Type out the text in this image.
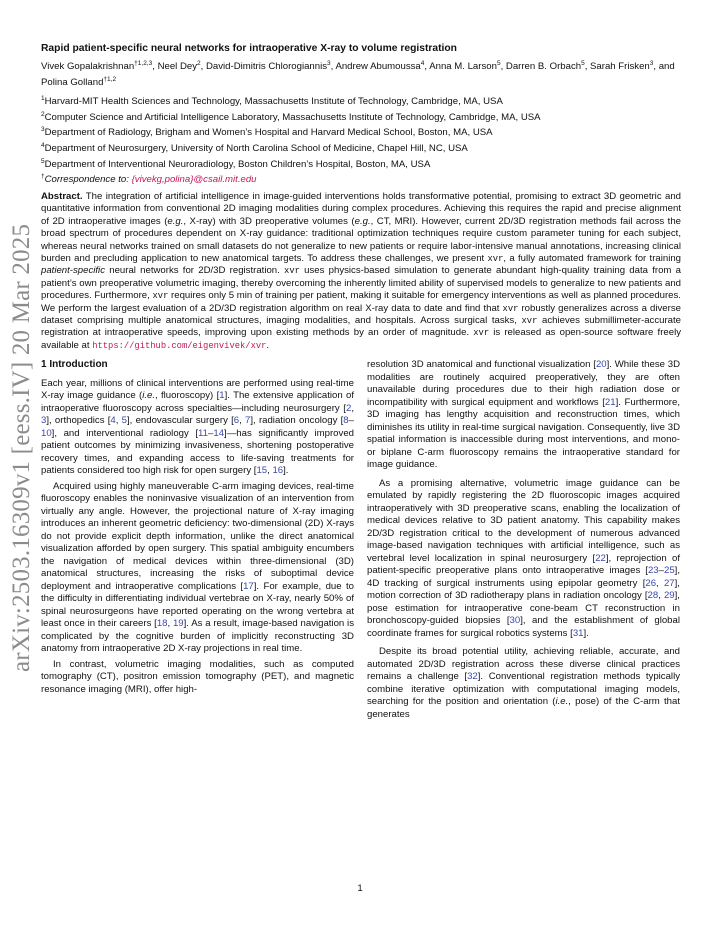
arXiv:2503.16309v1 [eess.IV] 20 Mar 2025
Rapid patient-specific neural networks for intraoperative X-ray to volume registration
Vivek Gopalakrishnan$^{\dagger 1,2,3}$, Neel Dey$^2$, David-Dimitris Chlorogiannis$^3$, Andrew Abumoussa$^4$, Anna M. Larson$^5$, Darren B. Orbach$^5$, Sarah Frisken$^3$, and Polina Golland$^{\dagger 1,2}$
$^1$Harvard-MIT Health Sciences and Technology, Massachusetts Institute of Technology, Cambridge, MA, USA
$^2$Computer Science and Artificial Intelligence Laboratory, Massachusetts Institute of Technology, Cambridge, MA, USA
$^3$Department of Radiology, Brigham and Women’s Hospital and Harvard Medical School, Boston, MA, USA
$^4$Department of Neurosurgery, University of North Carolina School of Medicine, Chapel Hill, NC, USA
$^5$Department of Interventional Neuroradiology, Boston Children’s Hospital, Boston, MA, USA
†Correspondence to: {vivekg,polina}@csail.mit.edu
Abstract. The integration of artificial intelligence in image-guided interventions holds transformative potential, promising to extract 3D geometric and quantitative information from conventional 2D imaging modalities during complex procedures. Achieving this requires the rapid and precise alignment of 2D intraoperative images (e.g., X-ray) with 3D preoperative volumes (e.g., CT, MRI). However, current 2D/3D registration methods fail across the broad spectrum of procedures dependent on X-ray guidance: traditional optimization techniques require custom parameter tuning for each subject, whereas neural networks trained on small datasets do not generalize to new patients or require labor-intensive manual annotations, increasing clinical burden and precluding application to new anatomical targets. To address these challenges, we present xvr, a fully automated framework for training patient-specific neural networks for 2D/3D registration. xvr uses physics-based simulation to generate abundant high-quality training data from a patient’s own preoperative volumetric imaging, thereby overcoming the inherently limited ability of supervised models to generalize to new patients and procedures. Furthermore, xvr requires only 5 min of training per patient, making it suitable for emergency interventions as well as planned procedures. We perform the largest evaluation of a 2D/3D registration algorithm on real X-ray data to date and find that xvr robustly generalizes across a diverse dataset comprising multiple anatomical structures, imaging modalities, and hospitals. Across surgical tasks, xvr achieves submillimeter-accurate registration at intraoperative speeds, improving upon existing methods by an order of magnitude. xvr is released as open-source software freely available at https://github.com/eigenvivek/xvr.
1 Introduction

Each year, millions of clinical interventions are performed using real-time X-ray image guidance (i.e., fluoroscopy) [1]. The extensive application of intraoperative fluoroscopy across specialties—including neurosurgery [2, 3], orthopedics [4, 5], endovascular surgery [6, 7], radiation oncology [8–10], and interventional radiology [11–14]—has significantly improved patient outcomes by minimizing invasiveness, shortening postoperative recovery times, and expanding access to life-saving treatments for patients considered too high risk for open surgery [15, 16].

Acquired using highly maneuverable C-arm imaging devices, real-time fluoroscopy enables the noninvasive visualization of an intervention from virtually any angle. However, the projectional nature of X-ray imaging introduces an inherent geometric deficiency: two-dimensional (2D) X-rays do not provide explicit depth information, unlike the direct anatomical visualization afforded by open surgery. This spatial ambiguity encumbers the navigation of medical devices within three-dimensional (3D) anatomical structures, increasing the risks of suboptimal device deployment and intraoperative complications [17]. For example, due to the difficulty in differentiating individual vertebrae on X-ray, nearly 50% of spinal neurosurgeons have reported operating on the wrong vertebra at least once in their careers [18, 19]. As a result, image-based navigation is complicated by the cognitive burden of implicitly reconstructing 3D anatomy from intraoperative 2D X-ray projections in real time.

In contrast, volumetric imaging modalities, such as computed tomography (CT), positron emission tomography (PET), and magnetic resonance imaging (MRI), offer high-

resolution 3D anatomical and functional visualization [20]. While these 3D modalities are routinely acquired preoperatively, they are often unavailable during procedures due to their high radiation dose or incompatibility with surgical equipment and workflows [21]. Furthermore, 3D imaging has lengthy acquisition and reconstruction times, which diminishes its utility in real-time surgical navigation. Consequently, live 3D spatial information is inaccessible during most interventions, and mono- or biplane C-arm fluoroscopy remains the intraoperative standard for image guidance.

As a promising alternative, volumetric image guidance can be emulated by rapidly registering the 2D fluoroscopic images acquired intraoperatively with 3D preoperative scans, enabling the localization of medical devices relative to 3D patient anatomy. This capability makes 2D/3D registration critical to the development of numerous advanced image-based navigation techniques with artificial intelligence, such as vertebral level localization in spinal neurosurgery [22], reprojection of patient-specific preoperative plans onto intraoperative images [23–25], 4D tracking of surgical instruments using epipolar geometry [26, 27], motion correction of 3D radiotherapy plans in radiation oncology [28, 29], pose estimation for intraoperative cone-beam CT reconstruction in bronchoscopy-guided biopsies [30], and the establishment of global coordinate frames for surgical robotics systems [31].

Despite its broad potential utility, achieving reliable, accurate, and automated 2D/3D registration across these diverse clinical practices remains a challenge [32]. Conventional registration methods typically combine iterative optimization with computational imaging models, searching for the position and orientation (i.e., pose) of the C-arm that generates

1
